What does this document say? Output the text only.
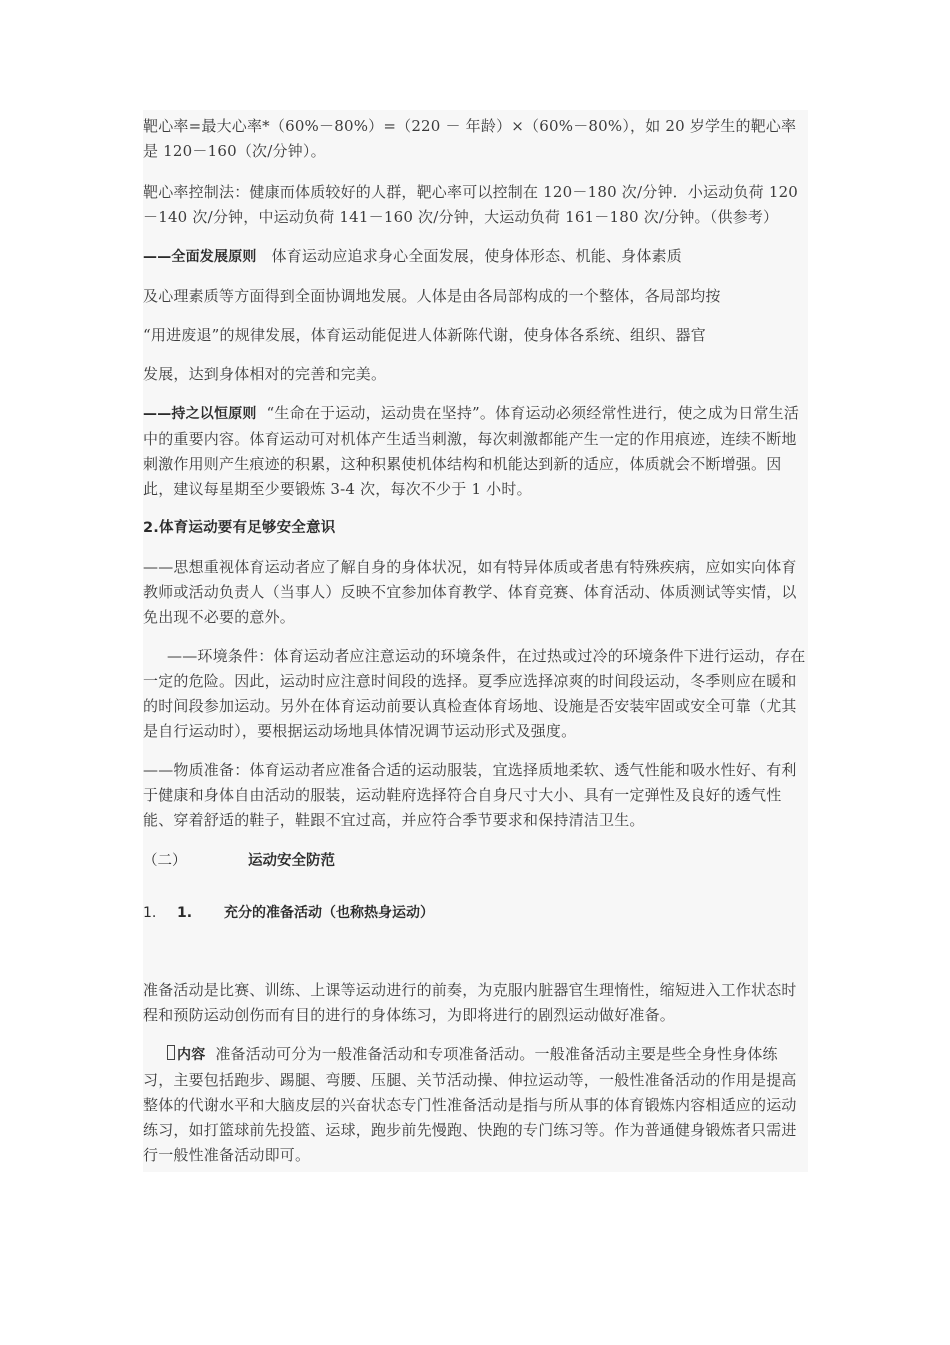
靶心率=最大心率*（60%－80%）=（220 － 年龄）×（60%－80%），如 20 岁学生的靶心率是 120－160（次/分钟）。

靶心率控制法：健康而体质较好的人群，靶心率可以控制在 120－180 次/分钟．小运动负荷 120－140 次/分钟，中运动负荷 141－160 次/分钟，大运动负荷 161－180 次/分钟。（供参考）

——全面发展原则 体育运动应追求身心全面发展，使身体形态、机能、身体素质

及心理素质等方面得到全面协调地发展。人体是由各局部构成的一个整体，各局部均按

“用进废退”的规律发展，体育运动能促进人体新陈代谢，使身体各系统、组织、器官

发展，达到身体相对的完善和完美。

——持之以恒原则 “生命在于运动，运动贵在坚持”。体育运动必须经常性进行，使之成为日常生活中的重要内容。体育运动可对机体产生适当刺激，每次刺激都能产生一定的作用痕迹，连续不断地刺激作用则产生痕迹的积累，这种积累使机体结构和机能达到新的适应，体质就会不断增强。因此，建议每星期至少要锻炼 3-4 次，每次不少于 1 小时。

2.体育运动要有足够安全意识

——思想重视体育运动者应了解自身的身体状况，如有特异体质或者患有特殊疾病，应如实向体育教师或活动负责人（当事人）反映不宜参加体育教学、体育竞赛、体育活动、体质测试等实情，以免出现不必要的意外。

——环境条件：体育运动者应注意运动的环境条件，在过热或过冷的环境条件下进行运动，存在一定的危险。因此，运动时应注意时间段的选择。夏季应选择凉爽的时间段运动，冬季则应在暖和的时间段参加运动。另外在体育运动前要认真检查体育场地、设施是否安装牢固或安全可靠（尤其是自行运动时），要根据运动场地具体情况调节运动形式及强度。

——物质准备：体育运动者应准备合适的运动服装，宜选择质地柔软、透气性能和吸水性好、有利于健康和身体自由活动的服装，运动鞋府选择符合自身尺寸大小、具有一定弹性及良好的透气性能、穿着舒适的鞋子，鞋跟不宜过高，并应符合季节要求和保持清洁卫生。

（二）	运动安全防范
1.	1.	充分的准备活动（也称热身运动）

准备活动是比赛、训练、上课等运动进行的前奏，为克服内脏器官生理惰性，缩短进入工作状态时程和预防运动创伤而有目的进行的身体练习，为即将进行的剧烈运动做好准备。

内容 准备活动可分为一般准备活动和专项准备活动。一般准备活动主要是些全身性身体练习，主要包括跑步、踢腿、弯腰、压腿、关节活动操、伸拉运动等，一般性准备活动的作用是提高整体的代谢水平和大脑皮层的兴奋状态专门性准备活动是指与所从事的体育锻炼内容相适应的运动练习，如打篮球前先投篮、运球，跑步前先慢跑、快跑的专门练习等。作为普通健身锻炼者只需进行一般性准备活动即可。
